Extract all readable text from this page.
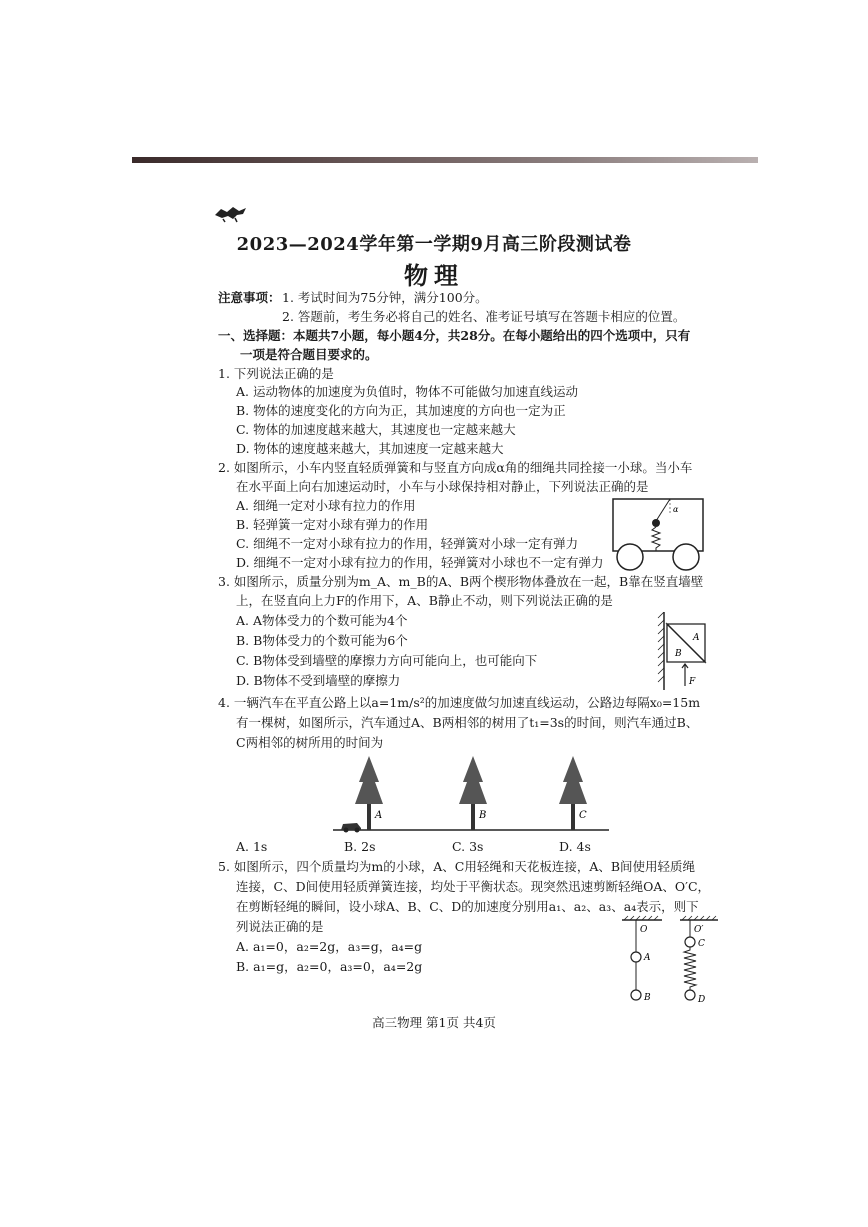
2023—2024学年第一学期9月高三阶段测试卷
物理
注意事项： 1. 考试时间为75分钟，满分100分。
2. 答题前，考生务必将自己的姓名、准考证号填写在答题卡相应的位置。
一、选择题：本题共7小题，每小题4分，共28分。在每小题给出的四个选项中，只有
一项是符合题目要求的。
1. 下列说法正确的是
A. 运动物体的加速度为负值时，物体不可能做匀加速直线运动
B. 物体的速度变化的方向为正，其加速度的方向也一定为正
C. 物体的加速度越来越大，其速度也一定越来越大
D. 物体的速度越来越大，其加速度一定越来越大
2. 如图所示，小车内竖直轻质弹簧和与竖直方向成α角的细绳共同拴接一小球。当小车
在水平面上向右加速运动时，小车与小球保持相对静止，下列说法正确的是
A. 细绳一定对小球有拉力的作用
B. 轻弹簧一定对小球有弹力的作用
C. 细绳不一定对小球有拉力的作用，轻弹簧对小球一定有弹力
D. 细绳不一定对小球有拉力的作用，轻弹簧对小球也不一定有弹力
α
3. 如图所示，质量分别为m_A、m_B的A、B两个楔形物体叠放在一起，B靠在竖直墙壁
上，在竖直向上力F的作用下，A、B静止不动，则下列说法正确的是
A. A物体受力的个数可能为4个
B. B物体受力的个数可能为6个
C. B物体受到墙壁的摩擦力方向可能向上，也可能向下
D. B物体不受到墙壁的摩擦力
A
B
F
4. 一辆汽车在平直公路上以a=1m/s²的加速度做匀加速直线运动，公路边每隔x₀=15m
有一棵树，如图所示，汽车通过A、B两相邻的树用了t₁=3s的时间，则汽车通过B、
C两相邻的树所用的时间为
A	B	C
A. 1s	B. 2s	C. 3s	D. 4s
5. 如图所示，四个质量均为m的小球，A、C用轻绳和天花板连接，A、B间使用轻质绳
连接，C、D间使用轻质弹簧连接，均处于平衡状态。现突然迅速剪断轻绳OA、O′C，
在剪断轻绳的瞬间，设小球A、B、C、D的加速度分别用a₁、a₂、a₃、a₄表示，则下
列说法正确的是
A. a₁=0，a₂=2g，a₃=g，a₄=g
B. a₁=g，a₂=0，a₃=0，a₄=2g
O	O′
A
B
C
D
高三物理 第1页 共4页
